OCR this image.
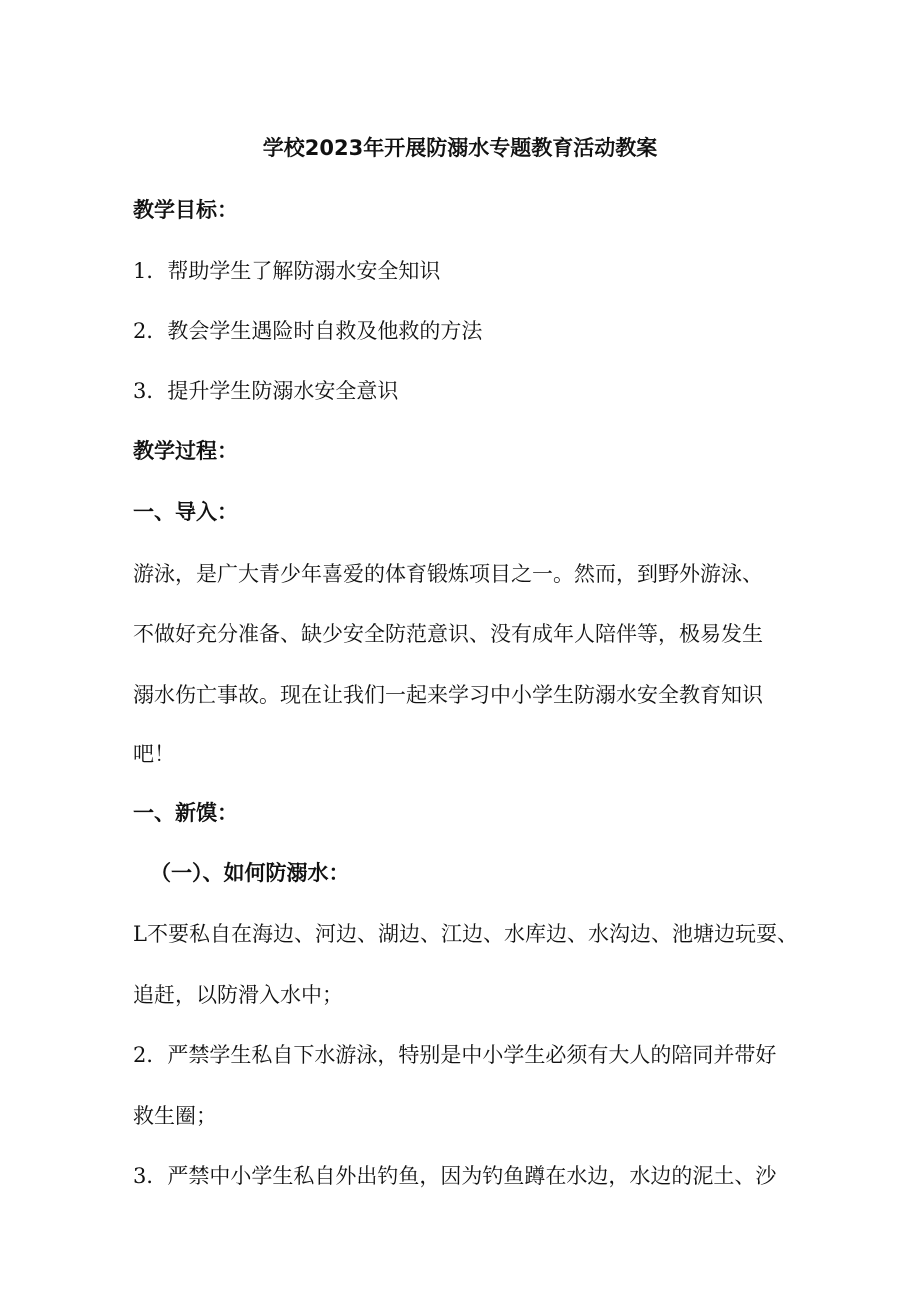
学校2023年开展防溺水专题教育活动教案
教学目标：
1．帮助学生了解防溺水安全知识
2．教会学生遇险时自救及他救的方法
3．提升学生防溺水安全意识
教学过程：
一、导入：
游泳，是广大青少年喜爱的体育锻炼项目之一。然而，到野外游泳、
不做好充分准备、缺少安全防范意识、没有成年人陪伴等，极易发生
溺水伤亡事故。现在让我们一起来学习中小学生防溺水安全教育知识
吧！
一、新馍：
（一）、如何防溺水：
L不要私自在海边、河边、湖边、江边、水库边、水沟边、池塘边玩耍、
追赶，以防滑入水中；
2．严禁学生私自下水游泳，特别是中小学生必须有大人的陪同并带好
救生圈；
3．严禁中小学生私自外出钓鱼，因为钓鱼蹲在水边，水边的泥土、沙
